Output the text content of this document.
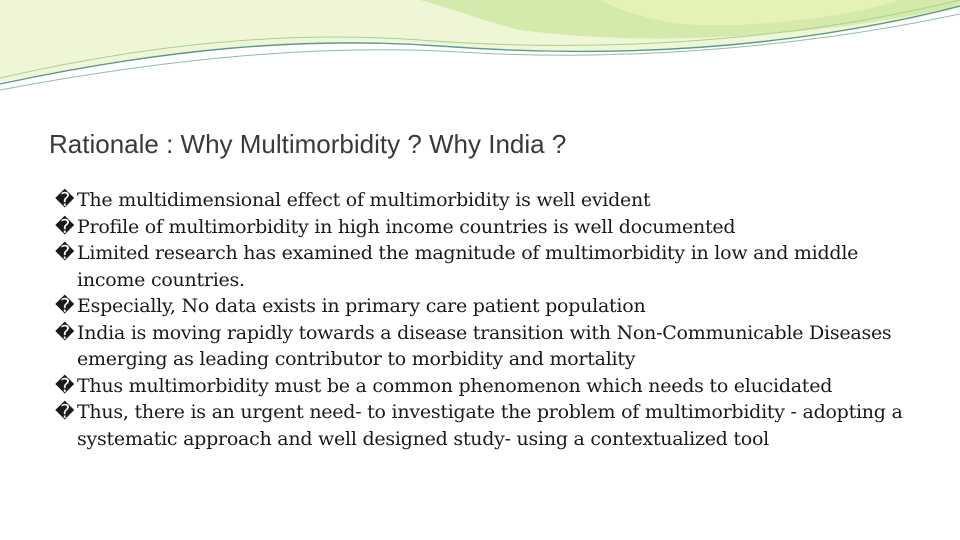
Rationale : Why Multimorbidity ? Why India ?
� The multidimensional effect of multimorbidity is well evident
� Profile of multimorbidity in high income countries is well documented
� Limited research has examined the magnitude of multimorbidity in low and middle income countries.
� Especially, No data exists in primary care patient population
� India is moving rapidly towards a disease transition with Non-Communicable Diseases emerging as leading contributor to morbidity and mortality
� Thus multimorbidity must be a common phenomenon which needs to elucidated
� Thus, there is an urgent need- to investigate the problem of multimorbidity - adopting a systematic approach and well designed study- using a contextualized tool
